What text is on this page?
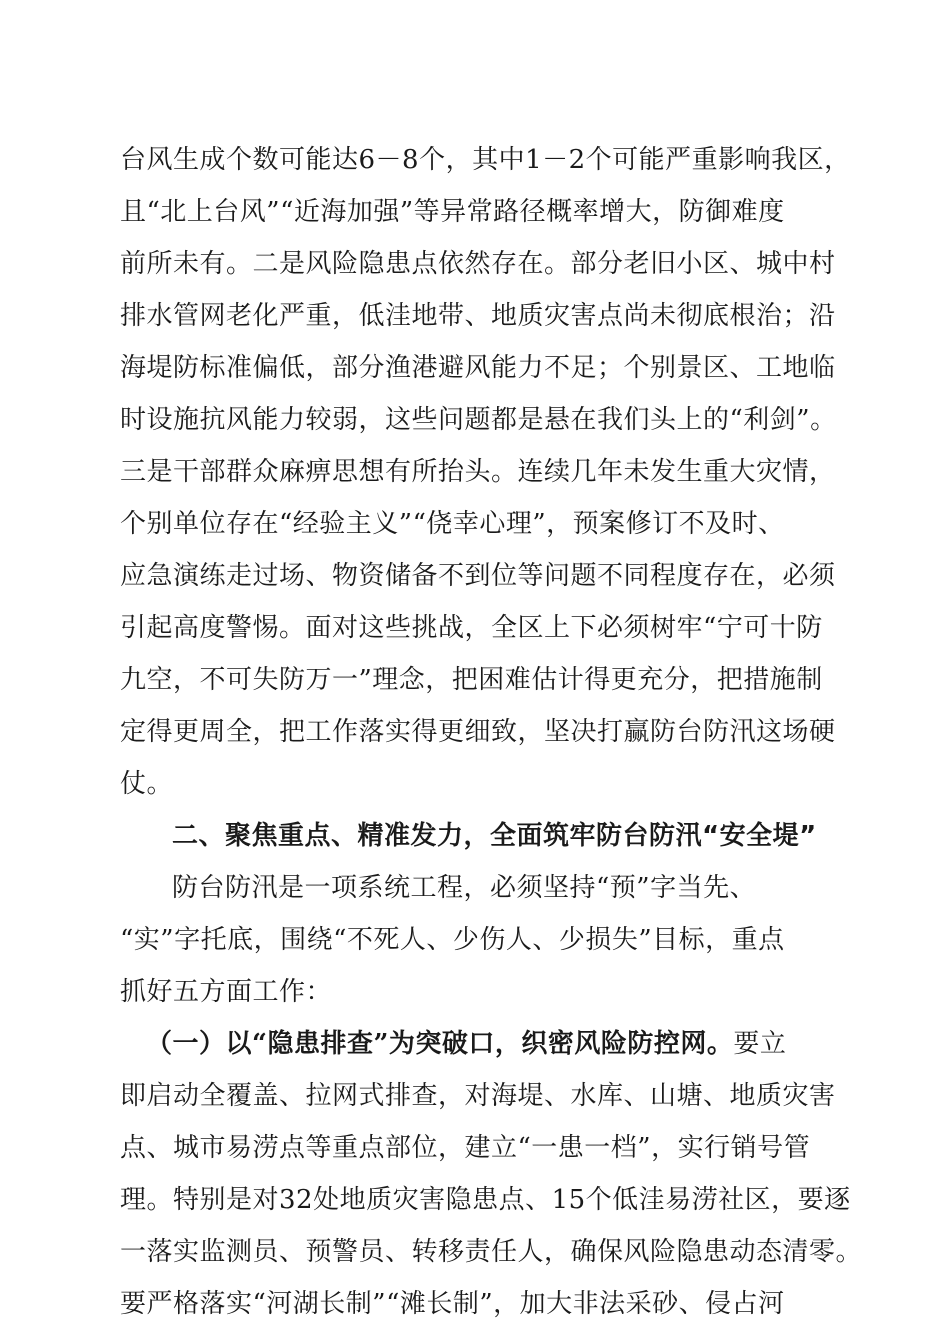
台风生成个数可能达6－8个，其中1－2个可能严重影响我区，
且“北上台风”“近海加强”等异常路径概率增大，防御难度
前所未有。二是风险隐患点依然存在。部分老旧小区、城中村
排水管网老化严重，低洼地带、地质灾害点尚未彻底根治；沿
海堤防标准偏低，部分渔港避风能力不足；个别景区、工地临
时设施抗风能力较弱，这些问题都是悬在我们头上的“利剑”。
三是干部群众麻痹思想有所抬头。连续几年未发生重大灾情，
个别单位存在“经验主义”“侥幸心理”，预案修订不及时、
应急演练走过场、物资储备不到位等问题不同程度存在，必须
引起高度警惕。面对这些挑战，全区上下必须树牢“宁可十防
九空，不可失防万一”理念，把困难估计得更充分，把措施制
定得更周全，把工作落实得更细致，坚决打赢防台防汛这场硬
仗。
二、聚焦重点、精准发力，全面筑牢防台防汛“安全堤”
防台防汛是一项系统工程，必须坚持“预”字当先、
“实”字托底，围绕“不死人、少伤人、少损失”目标，重点
抓好五方面工作：
（一）以“隐患排查”为突破口，织密风险防控网。要立
即启动全覆盖、拉网式排查，对海堤、水库、山塘、地质灾害
点、城市易涝点等重点部位，建立“一患一档”，实行销号管
理。特别是对32处地质灾害隐患点、15个低洼易涝社区，要逐
一落实监测员、预警员、转移责任人，确保风险隐患动态清零。
要严格落实“河湖长制”“滩长制”，加大非法采砂、侵占河
